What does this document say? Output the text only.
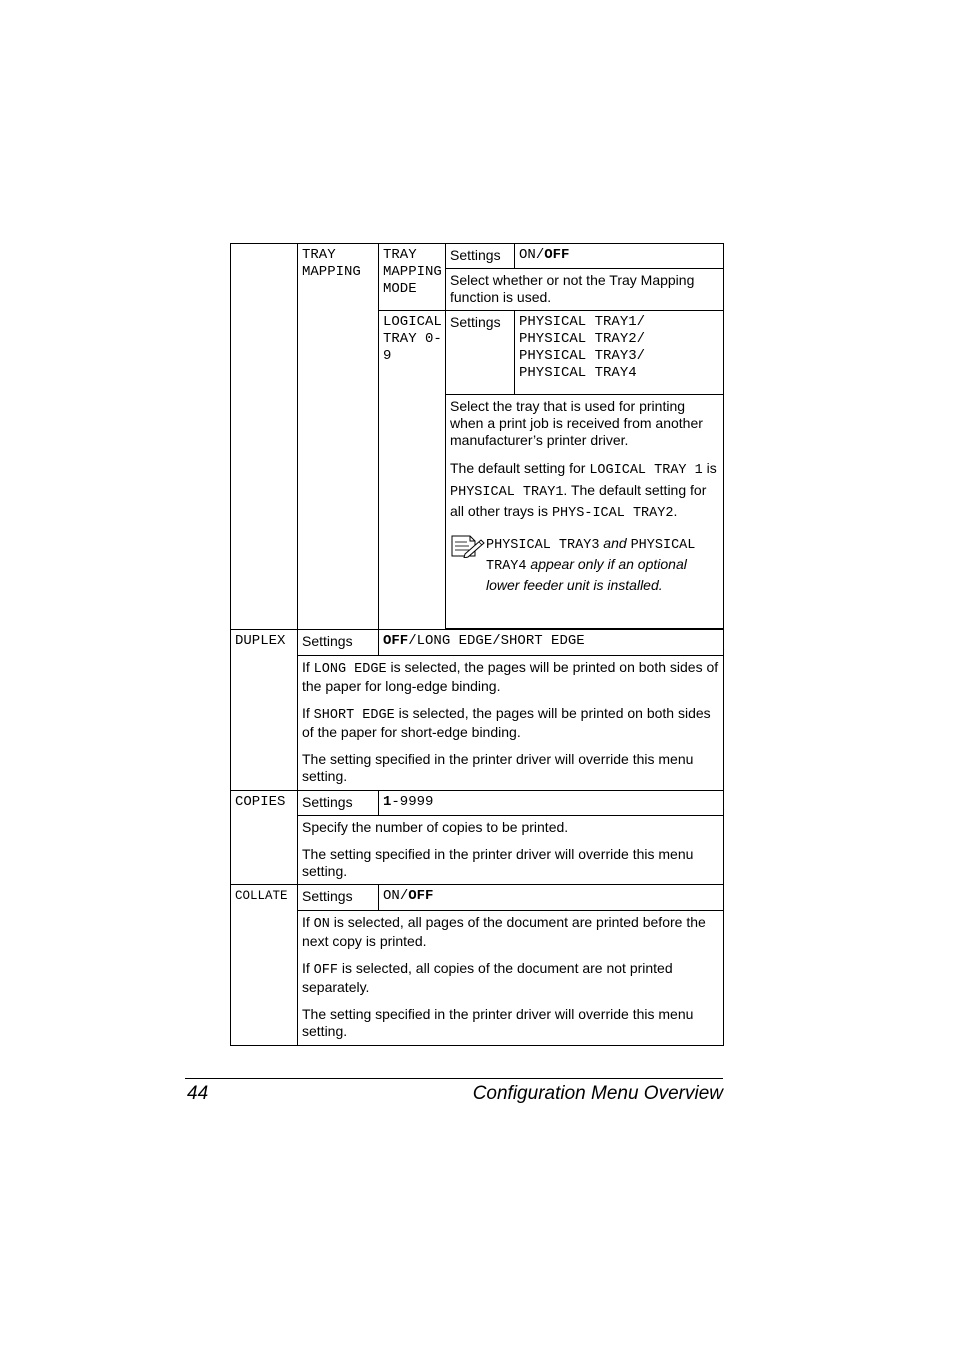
	TRAY MAPPING	TRAY MAPPING MODE	Settings	ON/OFF
			Select whether or not the Tray Mapping function is used.	
		LOGICAL TRAY 0-9	Settings	PHYSICAL TRAY1/
PHYSICAL TRAY2/
PHYSICAL TRAY3/
PHYSICAL TRAY4

			Select the tray that is used for printing when a print job is received from another manufacturer’s printer driver.
The default setting for LOGICAL TRAY 1 is PHYSICAL TRAY1. The default setting for all other trays is PHYS-ICAL TRAY2.
PHYSICAL TRAY3 and PHYSICAL TRAY4 appear only if an optional lower feeder unit is installed.	

DUPLEX	Settings	OFF/LONG EDGE/SHORT EDGE		

	If LONG EDGE is selected, the pages will be printed on both sides of the paper for long-edge binding.
If SHORT EDGE is selected, the pages will be printed on both sides of the paper for short-edge binding.
The setting specified in the printer driver will override this menu setting.			

COPIES	Settings	1-9999		

	Specify the number of copies to be printed.
The setting specified in the printer driver will override this menu setting.			

COLLATE	Settings	ON/OFF		

	If ON is selected, all pages of the document are printed before the next copy is printed.
If OFF is selected, all copies of the document are not printed separately.
The setting specified in the printer driver will override this menu setting.			
44	Configuration Menu Overview
